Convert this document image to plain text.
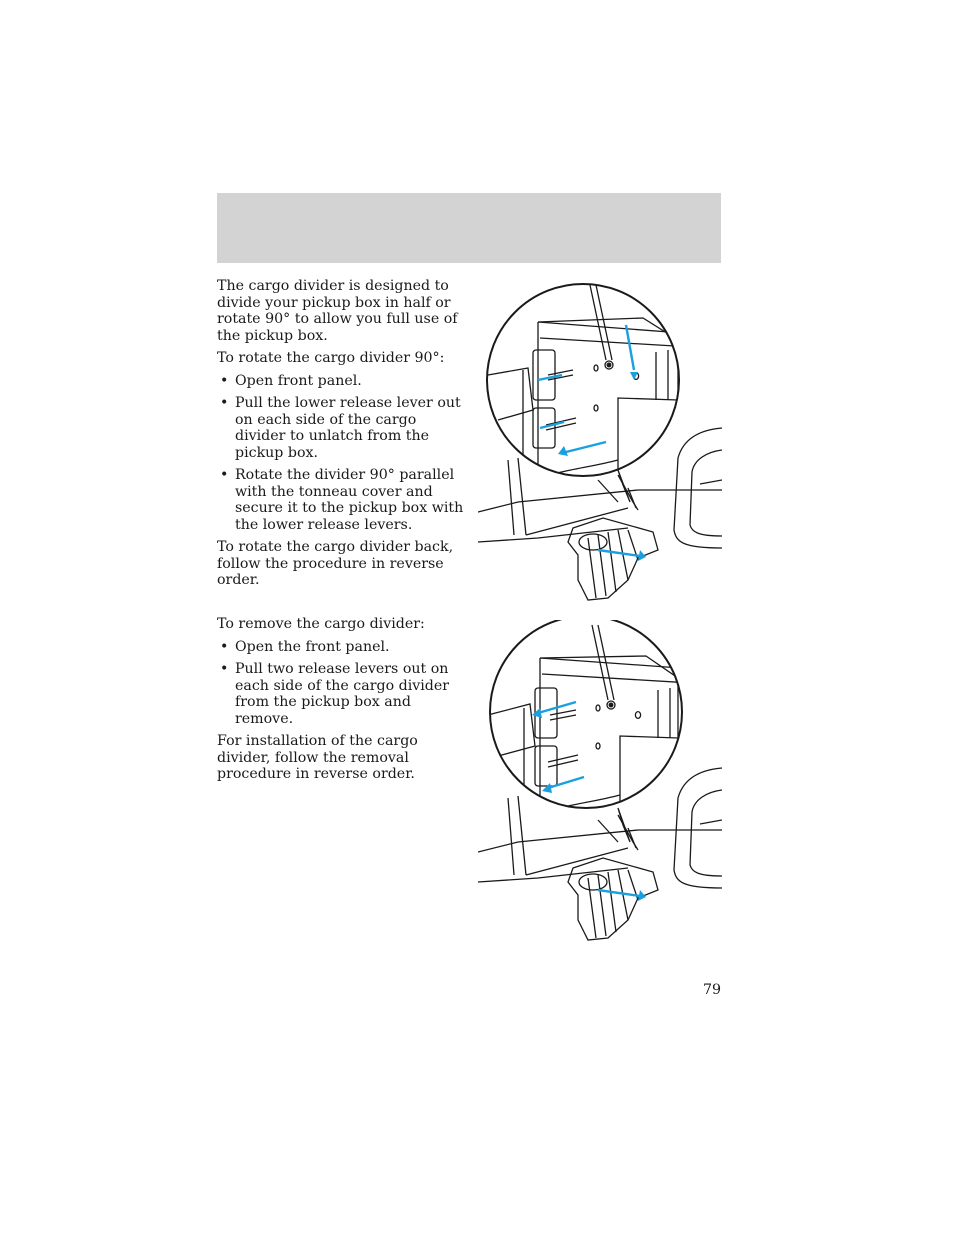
The cargo divider is designed to divide your pickup box in half or rotate 90° to allow you full use of the pickup box.

To rotate the cargo divider 90°:

• Open front panel.
• Pull the lower release lever out on each side of the cargo divider to unlatch from the pickup box.
• Rotate the divider 90° parallel with the tonneau cover and secure it to the pickup box with the lower release levers.

To rotate the cargo divider back, follow the procedure in reverse order.

To remove the cargo divider:

• Open the front panel.
• Pull two release levers out on each side of the cargo divider from the pickup box and remove.

For installation of the cargo divider, follow the removal procedure in reverse order.

79
